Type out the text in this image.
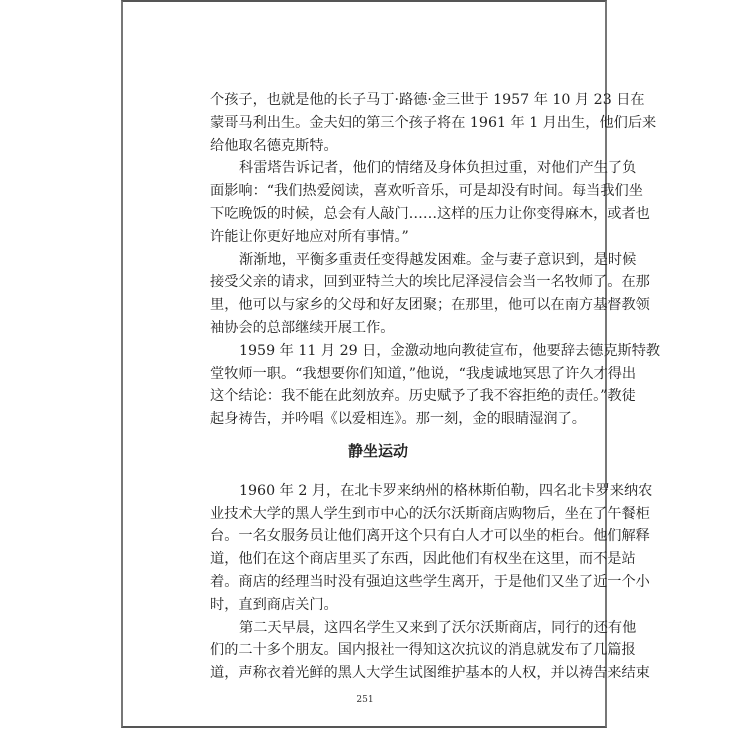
个孩子，也就是他的长子马丁·路德·金三世于 1957 年 10 月 23 日在
蒙哥马利出生。金夫妇的第三个孩子将在 1961 年 1 月出生，他们后来
给他取名德克斯特。
科雷塔告诉记者，他们的情绪及身体负担过重，对他们产生了负
面影响：“我们热爱阅读，喜欢听音乐，可是却没有时间。每当我们坐
下吃晚饭的时候，总会有人敲门……这样的压力让你变得麻木，或者也
许能让你更好地应对所有事情。”
渐渐地，平衡多重责任变得越发困难。金与妻子意识到，是时候
接受父亲的请求，回到亚特兰大的埃比尼泽浸信会当一名牧师了。在那
里，他可以与家乡的父母和好友团聚；在那里，他可以在南方基督教领
袖协会的总部继续开展工作。
1959 年 11 月 29 日，金激动地向教徒宣布，他要辞去德克斯特教
堂牧师一职。“我想要你们知道，”他说，“我虔诚地冥思了许久才得出
这个结论：我不能在此刻放弃。历史赋予了我不容拒绝的责任。”教徒
起身祷告，并吟唱《以爱相连》。那一刻，金的眼睛湿润了。
静坐运动
1960 年 2 月，在北卡罗来纳州的格林斯伯勒，四名北卡罗来纳农
业技术大学的黑人学生到市中心的沃尔沃斯商店购物后，坐在了午餐柜
台。一名女服务员让他们离开这个只有白人才可以坐的柜台。他们解释
道，他们在这个商店里买了东西，因此他们有权坐在这里，而不是站
着。商店的经理当时没有强迫这些学生离开，于是他们又坐了近一个小
时，直到商店关门。
第二天早晨，这四名学生又来到了沃尔沃斯商店，同行的还有他
们的二十多个朋友。国内报社一得知这次抗议的消息就发布了几篇报
道，声称衣着光鲜的黑人大学生试图维护基本的人权，并以祷告来结束
251
